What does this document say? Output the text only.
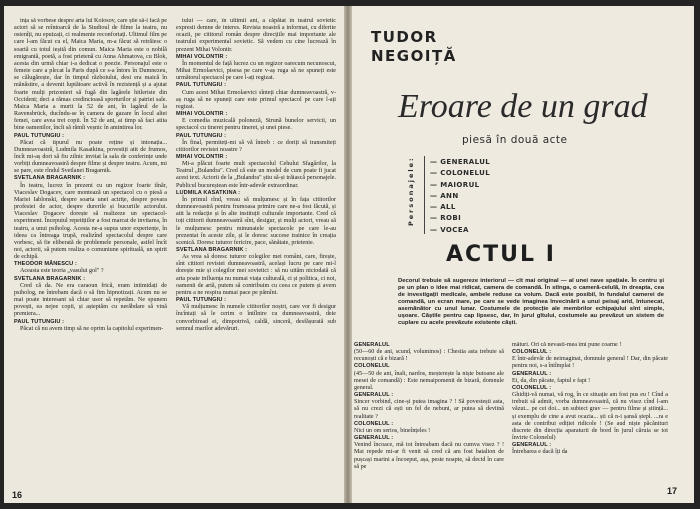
ința să vorbese despre arta lui Kolosov, care știe să-i facă pe actori să se reîntoarcă de la Studioul de filme la teatru, nu ostenîți, nu epuizați, ci realmente reconfortați. Ultimul film pe care l-am făcut cu el, Maica Maria, m-a făcut să retrăiesc o soartă cu totul ieșită din comun. Maica Maria este o nobilă emigrantă, poetă, a fost prietenă cu Anna Ahmatova, cu Blok, acesta din urmă chiar i-a dedicat o poezie. Personajul este o femeie care a plecat la Paris după ce s-a întors în Dumnezeu, se călugărește, dar în timpul războiului, desi era maică în mănăstire, a devenit luptătoare activă în rezistență și a ajutat foarte mulți prizonieri să fugă din lagărele hitleriste din Occident; deci a rămas credincioasă sporturilor și patriei sale. Maica Maria a murit la 52 de ani, în lagărul de la Ravensbrück, ducîndu-se în camera de gazare în locul altei femei, care avea trei copii. În 52 de ani, ai timp să faci atita bine oamenilor, încît să rămîi veșnic în amintirea lor.

PAUL TUTUNGIU :

Păcat că tipurul nu poate reține și intonația... Dumneavoastră, Ludmila Kasatkina, povestiți atit de frumos, încît mi-aș dori să fiu zilnic invitat la sala de conferințe unde vorbiți dumneavoastră despre filme și despre teatru. Acum, mi se pare, este rîndul Svetlanei Bragarnik.

SVETLANA BRAGARNIK :

În teatru, lucrez în prezent cu un regizor foarte tînăr, Viaceslav Dogacev, care montează un spectacol cu o piesă a Mariei Iablonski, despre soarta unei actrițe, despre povara profesiei de actor, despre durerile și bucuriile actorului. Viaceslav Dogacev dorește să realizeze un spectacol-experiment. Începutul repetițiilor a fost marcat de invitarea, în teatru, a unui psiholog. Acesta ne-a supus unor experiențe, în ideea ca întreaga trupă, realizînd spectacolul despre care vorbesc, să fie eliberată de problemele personale, astfel încît noi, actorii, să putem realiza o comuniune spirituală, un spirit de echipă.

THEODOR MĂNESCU :

Aceasta este teoria „vasului gol" ?

SVETLANA BRAGARNIK :

Cred că da. Ne era caraoun frică, eram intimidați de psiholog, ne întrebam dacă o să fim hipnotizați. Acum nu se mai poate interesant să chiar usor să repetăm. Ne spunem povești, ea nejee copii, și așteptăm cu nerăbdare să vină premiera...

PAUL TUTUNGIU :

Păcat că nu avem timp să ne oprim la capitolul experimen-

tului — care, în ultimii ani, a căpătat în teatrul sovietic expresii demne de interes. Revista noastră a informat, cu diferite ocazii, pe cititorul român despre direcțiile mai importante ale teatrului experimental sovietic. Să vedem cu cine lucrează în prezent Mihai Volontir.

MIHAI VOLONTIR :

În momentul de față lucrez cu un regizor oarecum necunoscut, Mihai Ermolaevici, pisesa pe care v-aș ruga să ne spuneți este următorul spectacol pe care l-ați regizat.

PAUL TUTUNGIU :

Cum acest Mihai Ermolaevici sînteți chiar dumneavoastră, v-aș ruga să ne spuneți care este primul spectacol pe care l-ați regizat.

MIHAI VOLONTIR :

E comedia muzicală poloneză, Strună bunelor servicii, un spectacol cu tineret pentru tineret, și unei piese.

PAUL TUTUNGIU :

În final, permiteți-mi să vă întreb : ce doriți să transmiteți cititorilor revistei noastre ?

MIHAI VOLONTIR :

Mi-a plăcut foarte mult spectacolul Cehului Sfagârilor, la Teatrul „Bulandra". Cred că este un model de cum poate fi jucat acest text. Actorii de la „Bulandra" știu să-și trăiască personajele. Publicul bucureștean este într-adevăr extraordinar.

LUDMILA KASATKINA :

În primul rînd, vreau să mulțumesc și în fața cititorilor dumneavoastră pentru frumoasa primire care ne-a fost făcută, și atit la redacție și în alte instituții culturale importante. Cred că toți cititorii dumneavoastră sînt, desigur, și mulți actori, vreau să le mulțumesc pentru minunatele spectacole pe care le-au prezentat în aceste zile, și le doresc succese trainice în creația scenică. Doresc tuturor fericire, pace, sănătate, prietenie.

SVETLANA BRAGARNIK :

As vrea să doresc tuturor colegilor mei români, care, firește, sînt cititori revistei dumneavoastră, același lucru pe care mi-l dorește mie și colegilor mei sovietici : să nu uităm niciodată că arta poate influența nu numai viața culturală, ci și politica, ci noi, oamenii de artă, putem să contribuim cu ceea ce putem și avem pentru a ne respira numai pace pe pămînt.

PAUL TUTUNGIU :

Vă mulțumesc în numele cititorilor noștri, care vor fi desigur încîntați să le cerim o întîlnire cu dumneavoastră, deie convorbiread ei, dimpotrivă, caldă, sinceră, desfășurată sub semnul marilor adevăruri.

16
TUDOR NEGOIȚĂ
Eroare de un grad
piesă în două acte
Personajele:	— GENERALUL
— COLONELUL
— MAIORUL
— ANN
— ALL
— ROBI
— VOCEA
ACTUL I
Decorul trebuie să sugereze interiorul — cît mai original — al unei nave spațiale. În centru și pe un plan o idee mai ridicat, camera de comandă. În stînga, o cameră-celulă, în dreapta, cea de investigații medicale, ambele reduse ca volum. Dacă este posibil, în fundalul camerei de comandă, un ecran mare, pe care se vede imaginea învecinării a unui peisaj arid, întunecat, asemănător cu unul lunar. Costumele de protecție ale membrilor echipajului sînt simple, ușoare. Căștile pentru cap lipsesc, dar, în jurul gîtului, costumele au prevăzut un sistem de cuplare cu acele prevăzute existente căști.

GENERALUL

(50—60 de ani, scund, voluminos) : Chestia asta trebuie să recunoști că e bizară !

COLONELUL

(45—50 de ani, înalt, nardos, meșterește la niște butoane ale mesei de comandă) : Este nemaipomenit de bizară, domnule general.

GENERALUL :

Sincer vorbind, cine-și putea imagina ? ! Să povestești asta, să nu crezi că ești un fel de nebuni, ar putea să deviină realitate ?

COLONELUL :

Nici un om serios, bineînțeles !

GENERALUL :

Venind încoace, mă tot întreabam dacă nu cumva visez ? ! Mai repede mi-ar fi venit să cred că am fost batalion de pușcași marini a încoeput, așa, peste noapte, să decid în care să pe

mături. Ori că nevasti-mea îmi pune coarne !

COLONELUL :

E într-adevăr de neimaginat, domnule general ! Dar, din păcate pentru noi, s-a întîmplat !

GENERALUL :

Ei, da, din păcate, faptul e fapt !

COLONELUL :

Ghidiți-vă numai, vă rog, în ce situație am fost pus eu ! Cînd a trebuit să admit, vorba dumneavoastră, că nu visez cînd l-am văzut... pe cei doi... un subiect grav — pentru filme și știință... și exemplu de cine a avut ocazia... ști că n-i șansă ștepl. ...ra e asta de contribui ediției ridicole ! (Se aud niște păcănituri discrete din direcția aparaturii de bord în jurul căruia se tot învirte Colonelul)

GENERALUL :

Întrebarea e dacă îți da

17
